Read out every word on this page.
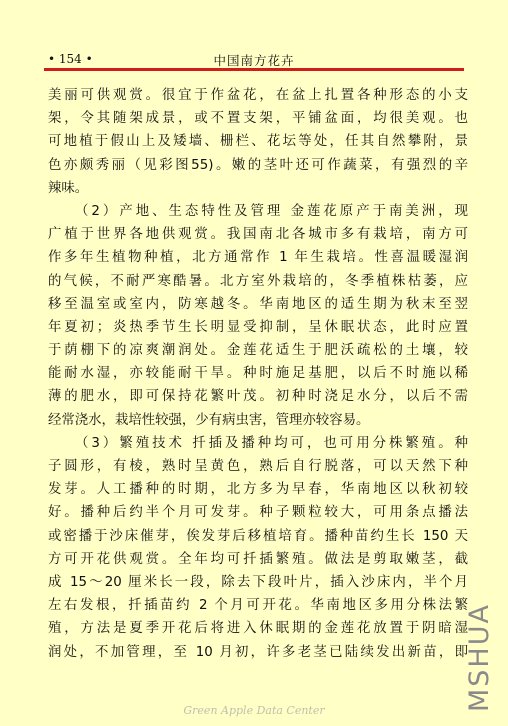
• 154 •	中国南方花卉
美丽可供观赏。很宜于作盆花，在盆上扎置各种形态的小支
架，令其随架成景，或不置支架，平铺盆面，均很美观。也
可地植于假山上及矮墙、栅栏、花坛等处，任其自然攀附，景
色亦颇秀丽（见彩图55)。嫩的茎叶还可作蔬菜，有强烈的辛
辣味。
（2）产地、生态特性及管理 金莲花原产于南美洲，现
广植于世界各地供观赏。我国南北各城市多有栽培，南方可
作多年生植物种植，北方通常作 1 年生栽培。性喜温暖湿润
的气候，不耐严寒酷暑。北方室外栽培的，冬季植株枯萎，应
移至温室或室内，防寒越冬。华南地区的适生期为秋末至翌
年夏初；炎热季节生长明显受抑制，呈休眠状态，此时应置
于荫棚下的凉爽潮润处。金莲花适生于肥沃疏松的土壤，较
能耐水湿，亦较能耐干旱。种时施足基肥，以后不时施以稀
薄的肥水，即可保持花繁叶茂。初种时浇足水分，以后不需
经常浇水，栽培性较强，少有病虫害，管理亦较容易。
（3）繁殖技术 扦插及播种均可，也可用分株繁殖。种
子圆形，有棱，熟时呈黄色，熟后自行脱落，可以天然下种
发芽。人工播种的时期，北方多为早春，华南地区以秋初较
好。播种后约半个月可发芽。种子颗粒较大，可用条点播法
或密播于沙床催芽，俟发芽后移植培育。播种苗约生长 150 天
方可开花供观赏。全年均可扦插繁殖。做法是剪取嫩茎，截
成 15～20 厘米长一段，除去下段叶片，插入沙床内，半个月
左右发根，扦插苗约 2 个月可开花。华南地区多用分株法繁
殖，方法是夏季开花后将进入休眠期的金莲花放置于阴暗湿
润处，不加管理，至 10 月初，许多老茎已陆续发出新苗，即
MSHUA
Green Apple Data Center
